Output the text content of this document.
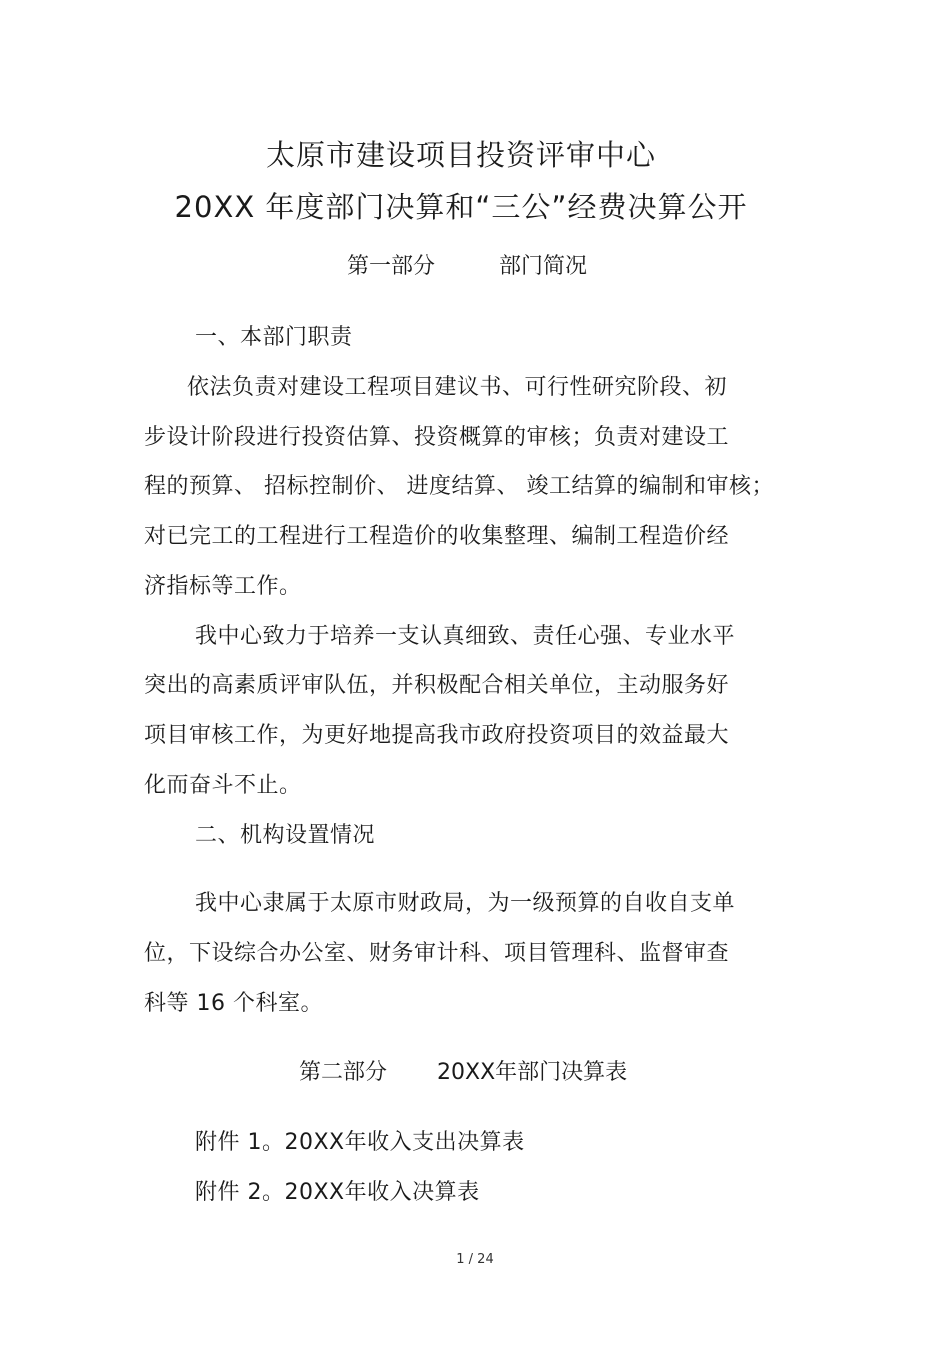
太原市建设项目投资评审中心
20XX 年度部门决算和“三公”经费决算公开
第一部分	部门简况
一、本部门职责
依法负责对建设工程项目建议书、可行性研究阶段、初
步设计阶段进行投资估算、投资概算的审核；负责对建设工
程的预算、 招标控制价、 进度结算、 竣工结算的编制和审核；
对已完工的工程进行工程造价的收集整理、编制工程造价经
济指标等工作。
我中心致力于培养一支认真细致、责任心强、专业水平
突出的高素质评审队伍，并积极配合相关单位，主动服务好
项目审核工作，为更好地提高我市政府投资项目的效益最大
化而奋斗不止。
二、机构设置情况
我中心隶属于太原市财政局，为一级预算的自收自支单
位，下设综合办公室、财务审计科、项目管理科、监督审查
科等 16 个科室。
第二部分 20XX年部门决算表
附件 1。20XX年收入支出决算表
附件 2。20XX年收入决算表
1 / 24
